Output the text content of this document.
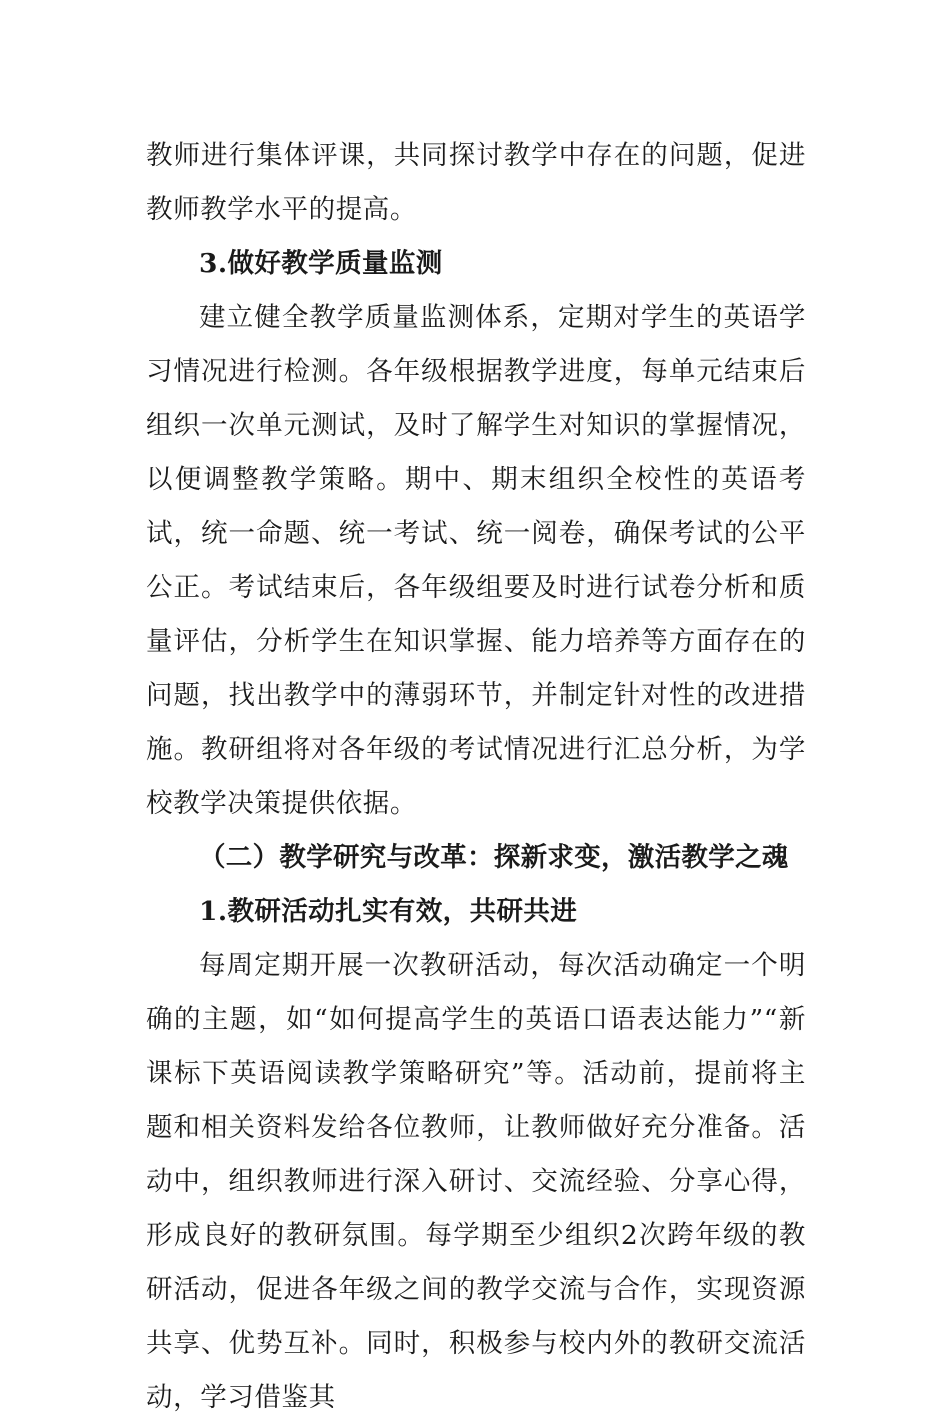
教师进行集体评课，共同探讨教学中存在的问题，促进教师教学水平的提高。

3.做好教学质量监测

建立健全教学质量监测体系，定期对学生的英语学习情况进行检测。各年级根据教学进度，每单元结束后组织一次单元测试，及时了解学生对知识的掌握情况，以便调整教学策略。期中、期末组织全校性的英语考试，统一命题、统一考试、统一阅卷，确保考试的公平公正。考试结束后，各年级组要及时进行试卷分析和质量评估，分析学生在知识掌握、能力培养等方面存在的问题，找出教学中的薄弱环节，并制定针对性的改进措施。教研组将对各年级的考试情况进行汇总分析，为学校教学决策提供依据。

（二）教学研究与改革：探新求变，激活教学之魂

1.教研活动扎实有效，共研共进

每周定期开展一次教研活动，每次活动确定一个明确的主题，如“如何提高学生的英语口语表达能力”“新课标下英语阅读教学策略研究”等。活动前，提前将主题和相关资料发给各位教师，让教师做好充分准备。活动中，组织教师进行深入研讨、交流经验、分享心得，形成良好的教研氛围。每学期至少组织2次跨年级的教研活动，促进各年级之间的教学交流与合作，实现资源共享、优势互补。同时，积极参与校内外的教研交流活动，学习借鉴其
